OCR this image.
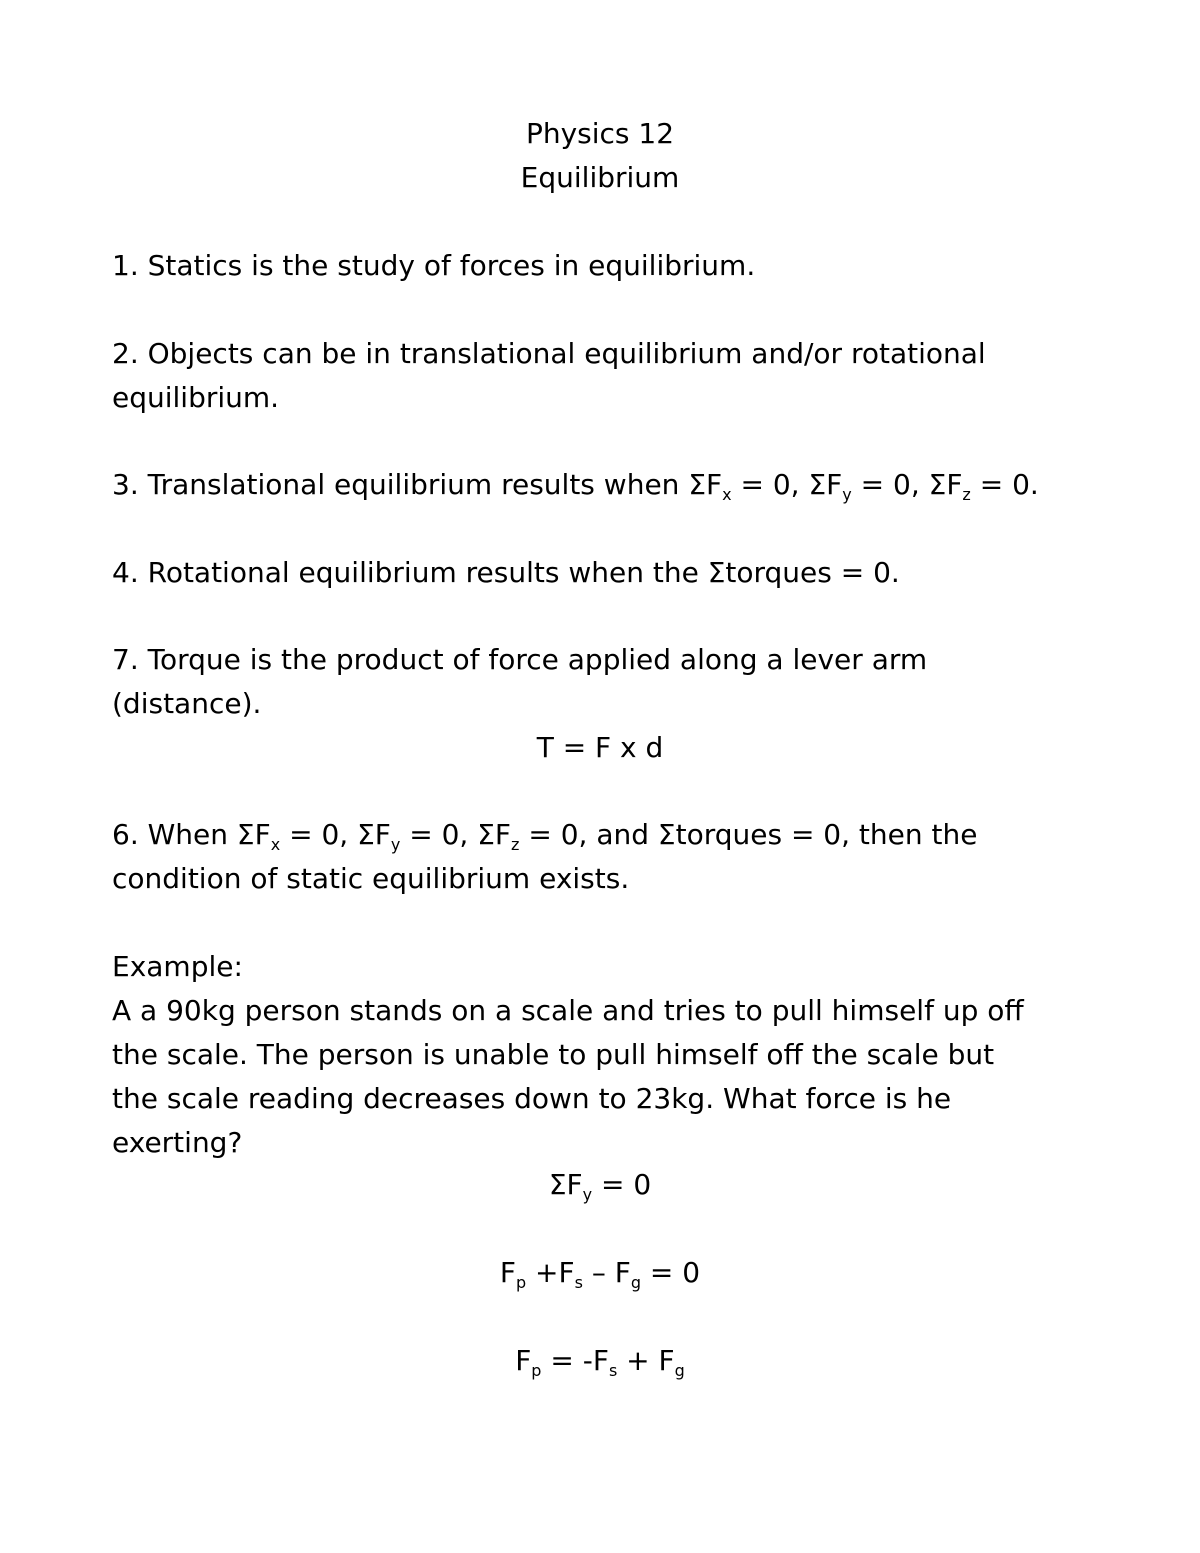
Physics 12

Equilibrium

1. Statics is the study of forces in equilibrium.

2. Objects can be in translational equilibrium and/or rotational

equilibrium.

3. Translational equilibrium results when $\Sigma F_x = 0$, $\Sigma F_y = 0$, $\Sigma F_z = 0$.

4. Rotational equilibrium results when the Σtorques = 0.

7. Torque is the product of force applied along a lever arm

(distance).

T = F x d

6. When $\Sigma F_x = 0$, $\Sigma F_y = 0$, $\Sigma F_z = 0$, and Σtorques = 0, then the

condition of static equilibrium exists.

Example:

A a 90kg person stands on a scale and tries to pull himself up off

the scale. The person is unable to pull himself off the scale but

the scale reading decreases down to 23kg. What force is he

exerting?

$\Sigma F_y = 0$

$F_p +F_s - F_g = 0$

$F_p = -F_s + F_g$
